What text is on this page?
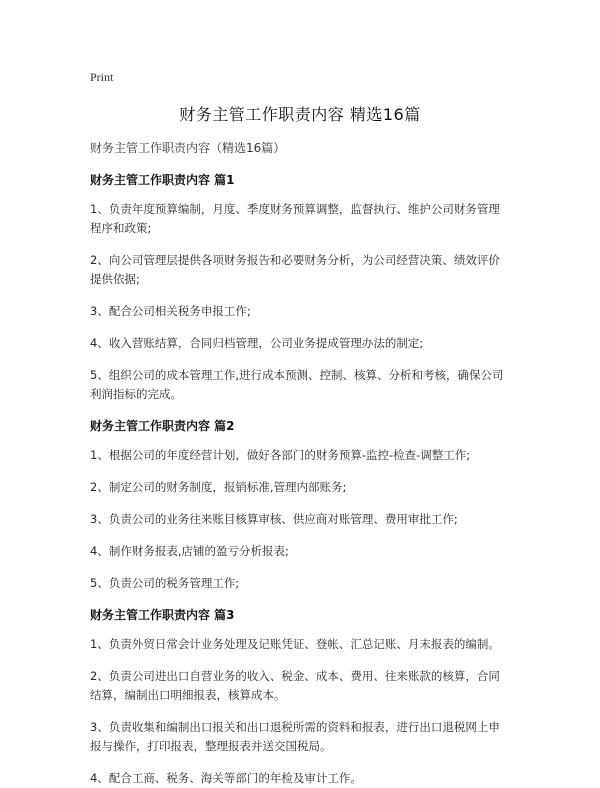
Print
财务主管工作职责内容 精选16篇

财务主管工作职责内容（精选16篇）

财务主管工作职责内容 篇1

1、负责年度预算编制，月度、季度财务预算调整，监督执行、维护公司财务管理程序和政策;

2、向公司管理层提供各项财务报告和必要财务分析，为公司经营决策、绩效评价提供依据;

3、配合公司相关税务申报工作;

4、收入营账结算，合同归档管理，公司业务提成管理办法的制定;

5、组织公司的成本管理工作,进行成本预测、控制、核算、分析和考核，确保公司利润指标的完成。

财务主管工作职责内容 篇2

1、根据公司的年度经营计划，做好各部门的财务预算-监控-检查-调整工作;

2、制定公司的财务制度，报销标准,管理内部账务;

3、负责公司的业务往来账目核算审核、供应商对账管理、费用审批工作;

4、制作财务报表,店铺的盈亏分析报表;

5、负责公司的税务管理工作;

财务主管工作职责内容 篇3

1、负责外贸日常会计业务处理及记账凭证、登帐、汇总记账、月末报表的编制。

2、负责公司进出口自营业务的收入、税金、成本、费用、往来账款的核算，合同结算，编制出口明细报表，核算成本。

3、负责收集和编制出口报关和出口退税所需的资料和报表，进行出口退税网上申报与操作，打印报表，整理报表并送交国税局。

4、配合工商、税务、海关等部门的年检及审计工作。
